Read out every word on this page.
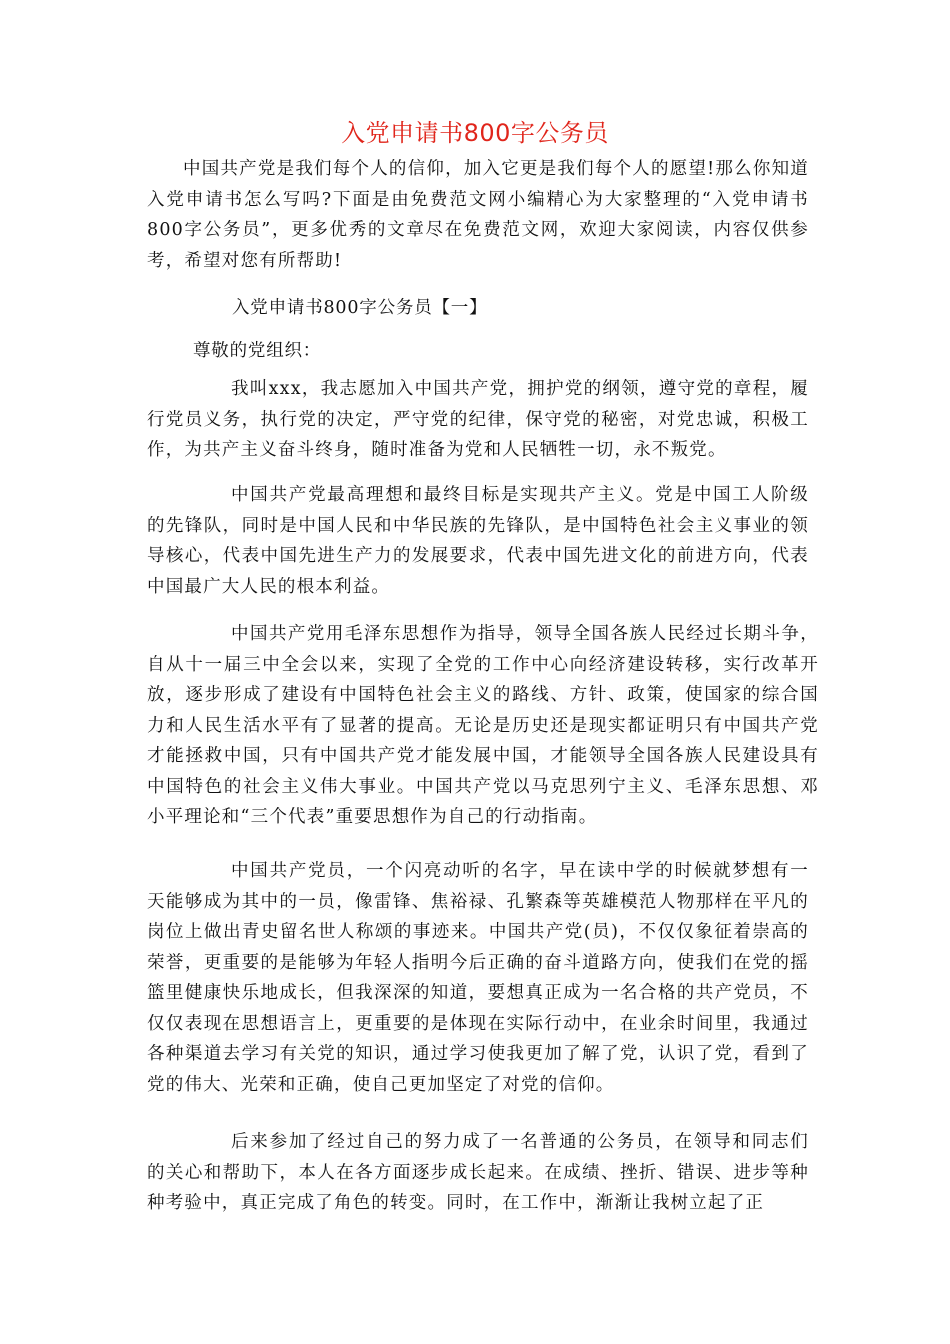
入党申请书800字公务员

中国共产党是我们每个人的信仰，加入它更是我们每个人的愿望!那么你知道入党申请书怎么写吗?下面是由免费范文网小编精心为大家整理的“入党申请书800字公务员”，更多优秀的文章尽在免费范文网，欢迎大家阅读，内容仅供参考，希望对您有所帮助!

入党申请书800字公务员【一】

尊敬的党组织：

我叫xxx，我志愿加入中国共产党，拥护党的纲领，遵守党的章程，履行党员义务，执行党的决定，严守党的纪律，保守党的秘密，对党忠诚，积极工作，为共产主义奋斗终身，随时准备为党和人民牺牲一切，永不叛党。

中国共产党最高理想和最终目标是实现共产主义。党是中国工人阶级的先锋队，同时是中国人民和中华民族的先锋队，是中国特色社会主义事业的领导核心，代表中国先进生产力的发展要求，代表中国先进文化的前进方向，代表中国最广大人民的根本利益。

中国共产党用毛泽东思想作为指导，领导全国各族人民经过长期斗争，自从十一届三中全会以来，实现了全党的工作中心向经济建设转移，实行改革开放，逐步形成了建设有中国特色社会主义的路线、方针、政策，使国家的综合国力和人民生活水平有了显著的提高。无论是历史还是现实都证明只有中国共产党才能拯救中国，只有中国共产党才能发展中国，才能领导全国各族人民建设具有中国特色的社会主义伟大事业。中国共产党以马克思列宁主义、毛泽东思想、邓小平理论和“三个代表”重要思想作为自己的行动指南。

中国共产党员，一个闪亮动听的名字，早在读中学的时候就梦想有一天能够成为其中的一员，像雷锋、焦裕禄、孔繁森等英雄模范人物那样在平凡的岗位上做出青史留名世人称颂的事迹来。中国共产党(员)，不仅仅象征着崇高的荣誉，更重要的是能够为年轻人指明今后正确的奋斗道路方向，使我们在党的摇篮里健康快乐地成长，但我深深的知道，要想真正成为一名合格的共产党员，不仅仅表现在思想语言上，更重要的是体现在实际行动中，在业余时间里，我通过各种渠道去学习有关党的知识，通过学习使我更加了解了党，认识了党，看到了党的伟大、光荣和正确，使自己更加坚定了对党的信仰。

后来参加了经过自己的努力成了一名普通的公务员，在领导和同志们的关心和帮助下，本人在各方面逐步成长起来。在成绩、挫折、错误、进步等种种考验中，真正完成了角色的转变。同时，在工作中，渐渐让我树立起了正
